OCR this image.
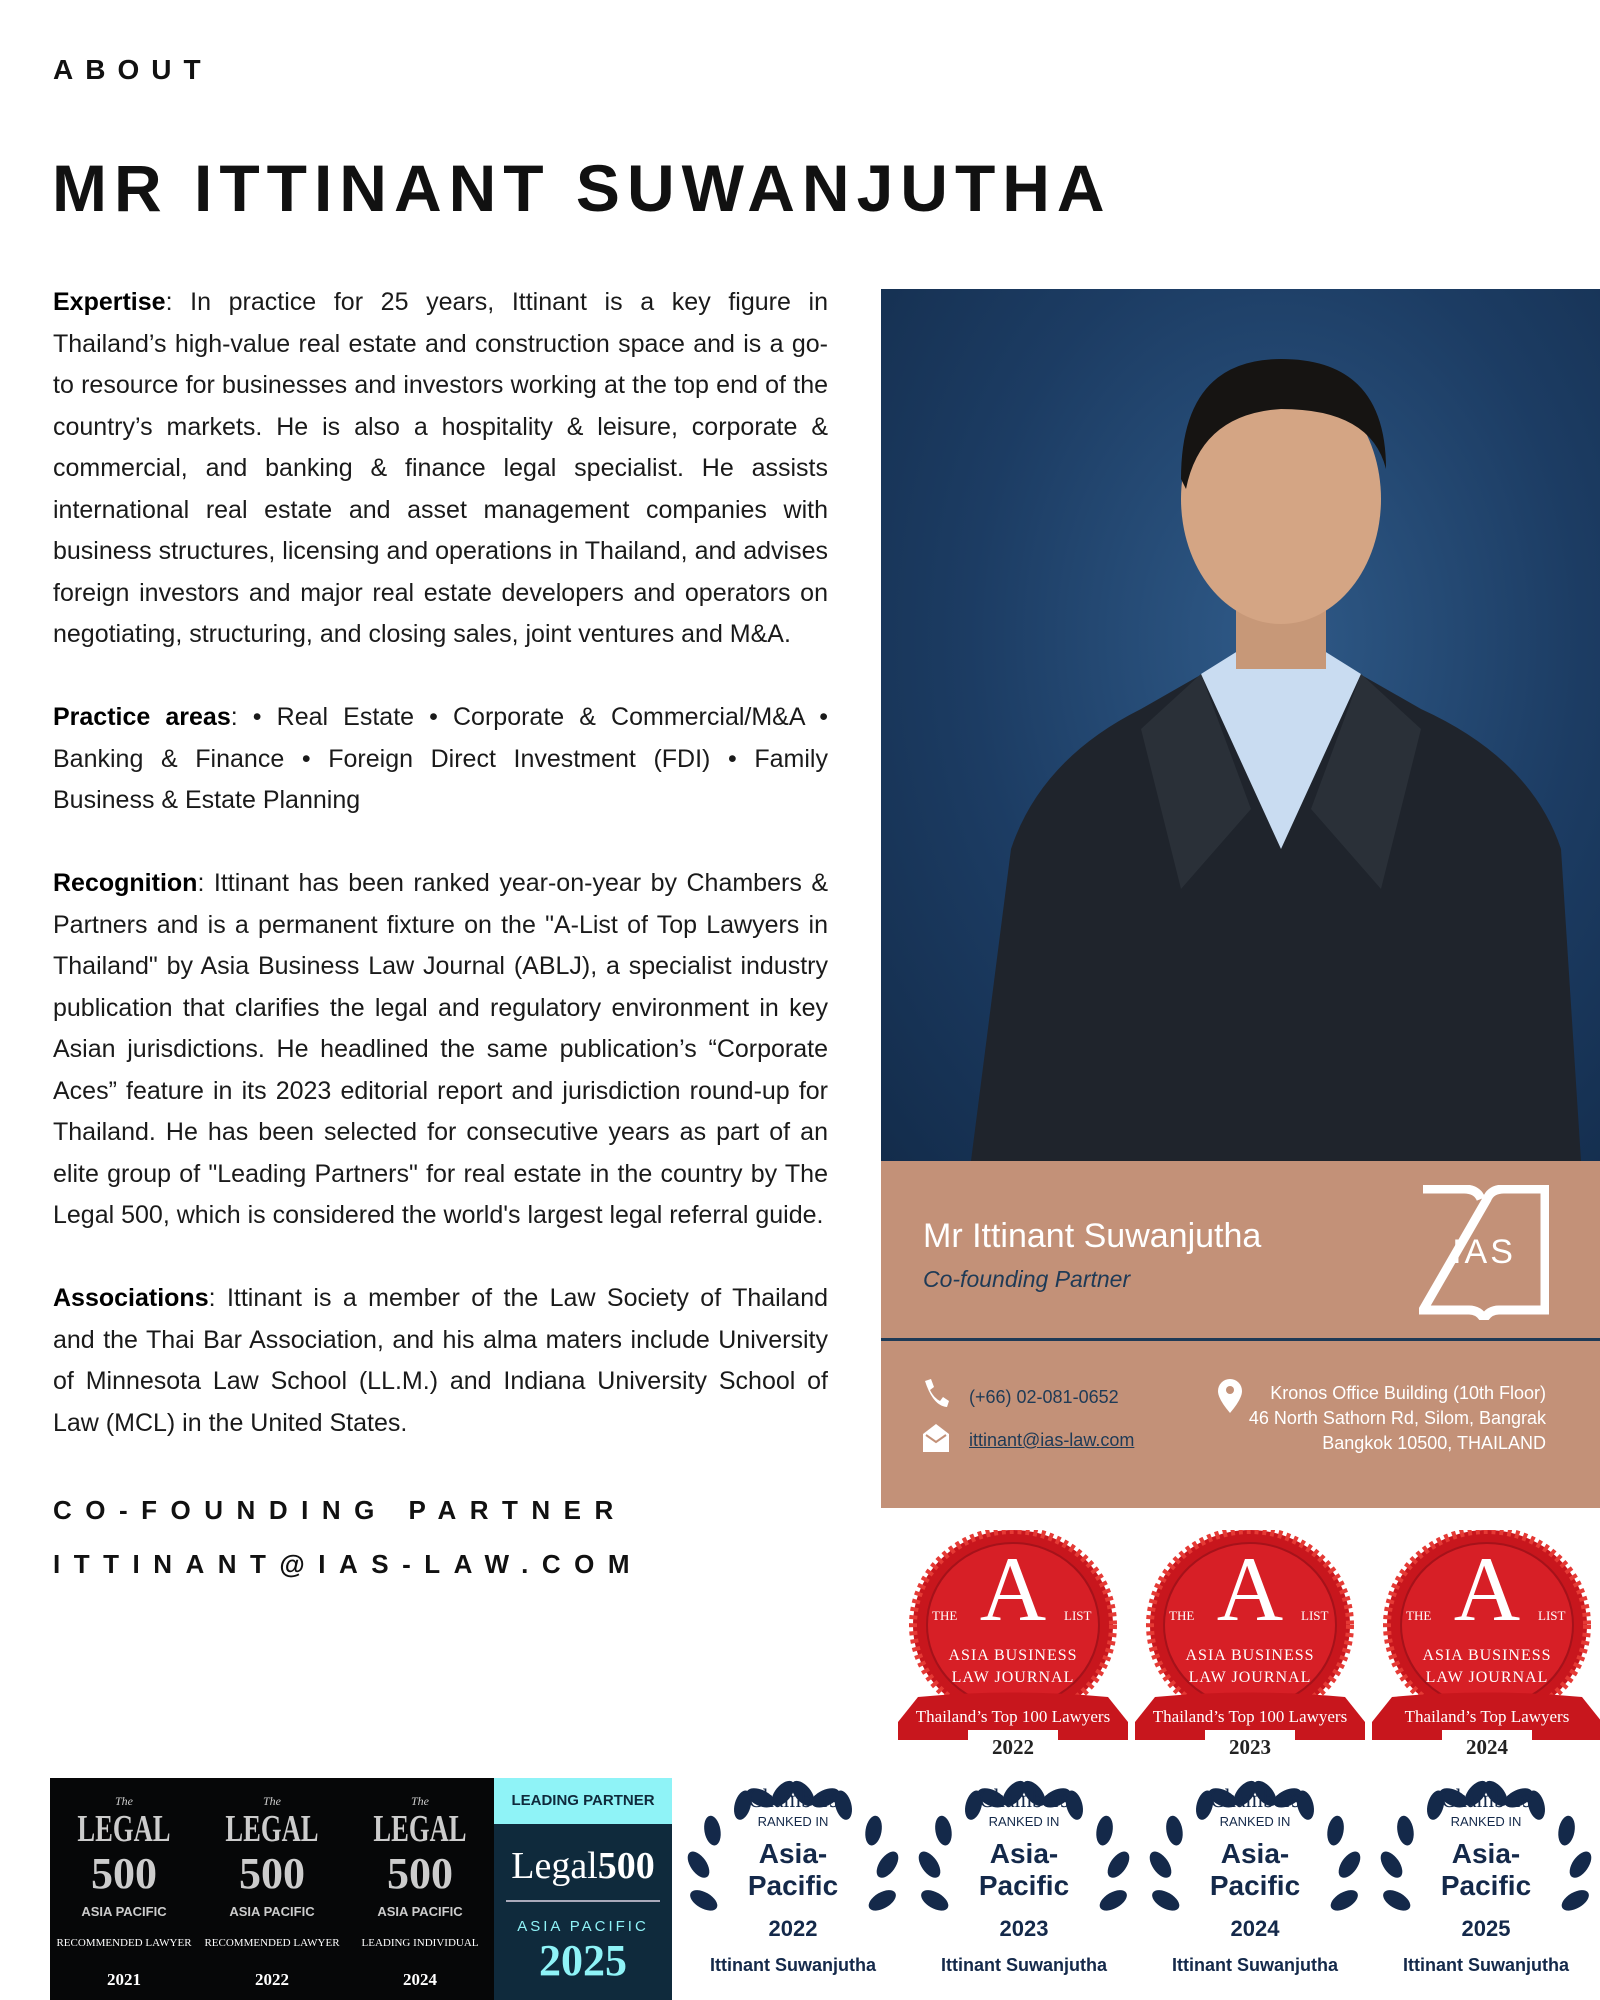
ABOUT
MR ITTINANT SUWANJUTHA

Expertise: In practice for 25 years, Ittinant is a key figure in Thailand’s high-value real estate and construction space and is a go-to resource for businesses and investors working at the top end of the country’s markets. He is also a hospitality & leisure, corporate & commercial, and banking & finance legal specialist. He assists international real estate and asset management companies with business structures, licensing and operations in Thailand, and advises foreign investors and major real estate developers and operators on negotiating, structuring, and closing sales, joint ventures and M&A.

Practice areas: • Real Estate • Corporate & Commercial/M&A • Banking & Finance • Foreign Direct Investment (FDI) • Family Business & Estate Planning

Recognition: Ittinant has been ranked year-on-year by Chambers & Partners and is a permanent fixture on the "A-List of Top Lawyers in Thailand" by Asia Business Law Journal (ABLJ), a specialist industry publication that clarifies the legal and regulatory environment in key Asian jurisdictions. He headlined the same publication’s “Corporate Aces” feature in its 2023 editorial report and jurisdiction round-up for Thailand. He has been selected for consecutive years as part of an elite group of "Leading Partners" for real estate in the country by The Legal 500, which is considered the world's largest legal referral guide.

Associations: Ittinant is a member of the Law Society of Thailand and the Thai Bar Association, and his alma maters include University of Minnesota Law School (LL.M.) and Indiana University School of Law (MCL) in the United States.

CO-FOUNDING PARTNER
ITTINANT@IAS-LAW.COM
Mr Ittinant Suwanjutha
Co-founding Partner
IAS
(+66) 02-081-0652
ittinant@ias-law.com
Kronos Office Building (10th Floor)
46 North Sathorn Rd, Silom, Bangrak
Bangkok 10500, THAILAND
A
THE	LIST
ASIA BUSINESS
LAW JOURNAL
Thailand’s Top 100 Lawyers
2022
A
THE	LIST
ASIA BUSINESS
LAW JOURNAL
Thailand’s Top 100 Lawyers
2023
A
THE	LIST
ASIA BUSINESS
LAW JOURNAL
Thailand’s Top Lawyers
2024
The
LEGAL
500
ASIA PACIFIC
RECOMMENDED LAWYER
2021
The
LEGAL
500
ASIA PACIFIC
RECOMMENDED LAWYER
2022
The
LEGAL
500
ASIA PACIFIC
LEADING INDIVIDUAL
2024
LEADING PARTNER
Legal500
ASIA PACIFIC
2025
Chambers
RANKED IN
Asia-
Pacific
2022
Ittinant Suwanjutha
Chambers
RANKED IN
Asia-
Pacific
2023
Ittinant Suwanjutha
Chambers
RANKED IN
Asia-
Pacific
2024
Ittinant Suwanjutha
Chambers
RANKED IN
Asia-
Pacific
2025
Ittinant Suwanjutha
